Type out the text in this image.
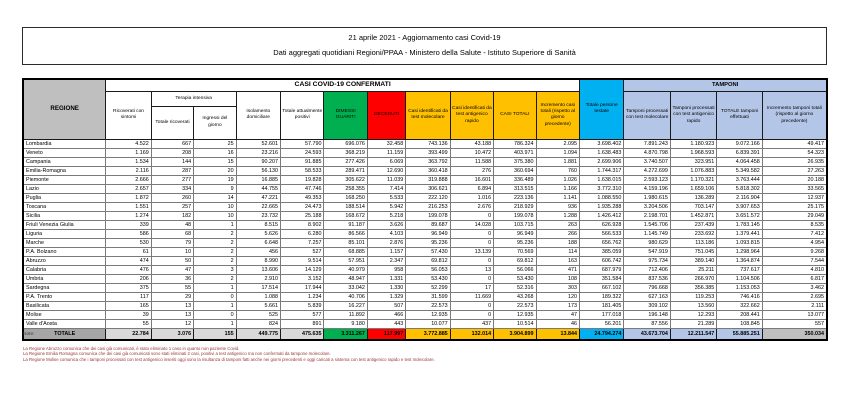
21 aprile 2021 - Aggiornamento casi Covid-19
Dati aggregati quotidiani Regioni/PPAA - Ministero della Salute - Istituto Superiore di Sanità
REGIONE	CASI COVID-19 CONFERMATI											Totale persone testate	TAMPONI			
	Ricoverati con sintomi	Terapia intensiva		Isolamento domiciliare	Totale attualmente positivi	DIMESSI GUARITI	DECEDUTI	Casi identificati da test molecolare	Casi identificati da test antigenico rapido	CASI TOTALI	Incremento casi totali (rispetto al giorno precedente)		Tamponi processati con test molecolare	Tamponi processati con test antigenico rapido	TOTALE tamponi effettuati	Incremento tamponi totali (rispetto al giorno precedente)
		Totale ricoverati	Ingressi del giorno													
Lombardia	4.522	667	25	52.601	57.790	696.076	32.458	743.136	43.188	786.324	2.095	3.698.402	7.891.243	1.180.923	9.072.166	49.417
Veneto	1.169	208	16	23.216	24.593	368.219	11.159	393.499	10.472	403.971	1.094	1.638.483	4.870.798	1.968.593	6.839.391	54.323
Campania	1.534	144	15	90.207	91.885	277.426	6.069	363.792	11.588	375.380	1.881	2.699.906	3.740.507	323.951	4.064.458	26.935
Emilia-Romagna	2.116	287	20	56.130	58.533	289.471	12.690	360.418	276	360.694	760	1.744.317	4.272.699	1.076.883	5.349.582	27.263
Piemonte	2.666	277	19	16.885	19.828	305.622	11.039	319.888	16.601	336.489	1.026	1.638.015	2.593.123	1.170.321	3.763.444	20.188
Lazio	2.657	334	9	44.755	47.746	258.355	7.414	306.621	6.894	313.515	1.166	3.772.310	4.159.196	1.659.106	5.818.302	33.565
Puglia	1.872	260	14	47.221	49.353	168.250	5.533	222.120	1.016	223.136	1.141	1.088.550	1.980.615	136.289	2.116.904	12.937
Toscana	1.551	257	10	22.665	24.473	188.514	5.942	216.253	2.676	218.929	936	1.935.288	3.204.506	703.147	3.907.653	25.175
Sicilia	1.274	182	10	23.732	25.188	168.672	5.218	199.078	0	199.078	1.288	1.426.412	2.198.701	1.452.871	3.651.572	29.049
Friuli Venezia Giulia	339	48	1	8.515	8.902	91.187	3.626	89.687	14.028	103.715	263	626.928	1.545.706	237.439	1.783.145	8.535
Liguria	586	68	2	5.626	6.280	86.566	4.103	96.949	0	96.949	266	566.533	1.145.749	233.692	1.379.441	7.412
Marche	530	79	2	6.648	7.257	85.101	2.876	95.236	0	95.236	188	656.762	980.629	113.186	1.093.815	4.954
P.A. Bolzano	61	10	2	456	527	68.885	1.157	57.430	13.139	70.569	114	385.059	547.919	751.045	1.298.964	9.268
Abruzzo	474	50	2	8.990	9.514	57.951	2.347	69.812	0	69.812	163	606.742	975.734	389.140	1.364.874	7.544
Calabria	476	47	3	13.606	14.129	40.979	958	56.053	13	56.066	471	687.979	712.406	25.211	737.617	4.810
Umbria	206	36	2	2.910	3.152	48.947	1.331	53.430	0	53.430	108	351.584	837.536	266.970	1.104.506	6.817
Sardegna	375	55	1	17.514	17.944	33.042	1.330	52.299	17	52.316	303	667.102	796.668	356.385	1.153.053	3.462
P.A. Trento	117	29	0	1.088	1.234	40.706	1.329	31.599	11.669	43.268	120	189.322	627.163	119.253	746.416	2.695
Basilicata	165	13	1	5.661	5.839	16.227	507	22.573	0	22.573	173	181.405	309.102	13.560	322.662	2.111
Molise	39	13	0	525	577	11.892	466	12.935	0	12.935	47	177.018	196.148	12.293	208.441	13.077
Valle d'Aosta	55	12	1	824	891	9.180	443	10.077	437	10.514	46	56.201	87.556	21.289	108.845	557
TOTALE	22.784	3.076	155	449.775	475.635	3.311.267	117.997	3.772.885	132.014	3.904.899	13.844	24.794.274	43.673.704	12.211.547	55.885.251	350.034
Note:
La Regione Abruzzo comunica che dei casi già comunicati, è stato eliminato 1 caso in quanto non paziente Covid.
La Regione Emilia Romagna comunica che dei casi già comunicati sono stati eliminati 2 casi, positivi a test antigenico ma non confermati da tampone molecolare.
La Regione Molise comunica che i tamponi processati con test antigenico inseriti oggi sono la risultanza di tamponi fatti anche nei giorni precedenti e oggi caricati a sistema con test antigenico rapido e test molecolare.
